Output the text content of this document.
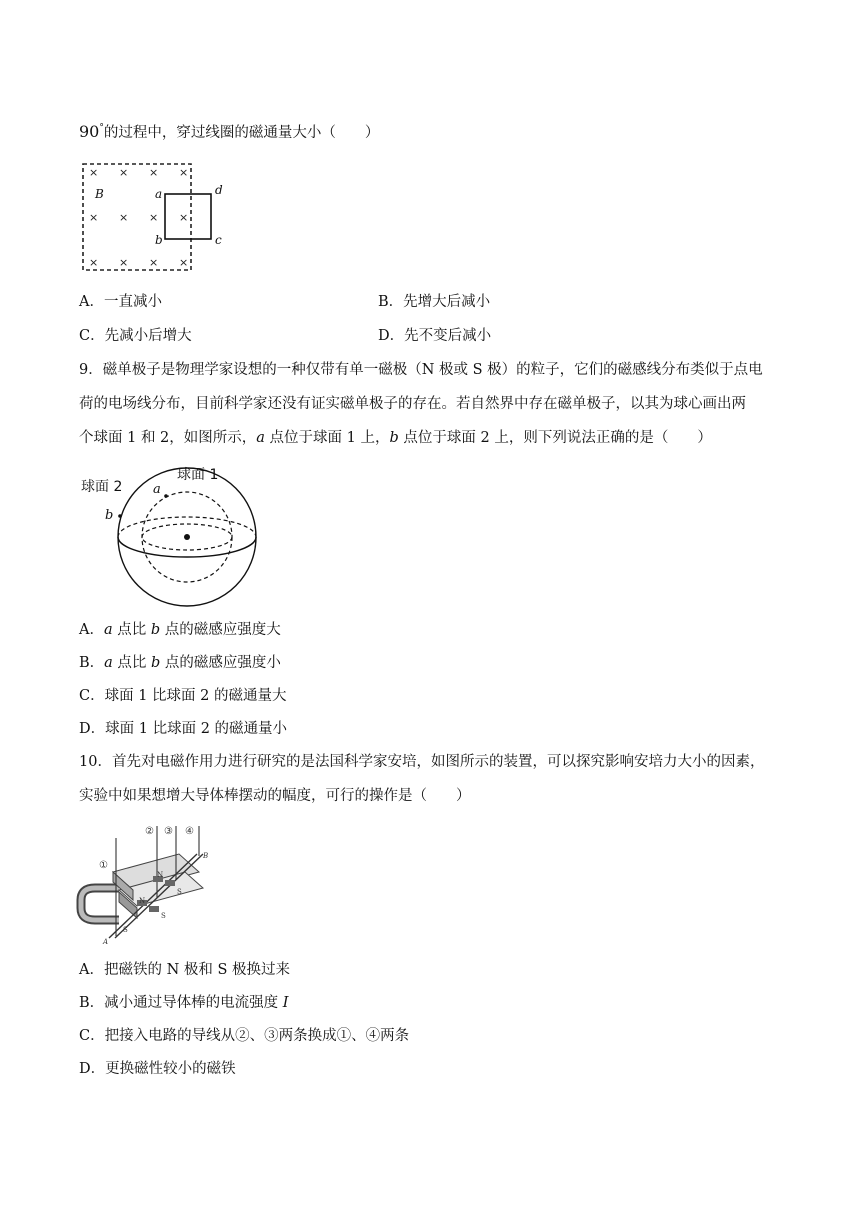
90°的过程中，穿过线圈的磁通量大小（　　）
× × × ×
× × × ×
× × × ×
B	a
b
d
c
A．一直减小	B．先增大后减小
C．先减小后增大	D．先不变后减小
9．磁单极子是物理学家设想的一种仅带有单一磁极（N 极或 S 极）的粒子，它们的磁感线分布类似于点电
荷的电场线分布，目前科学家还没有证实磁单极子的存在。若自然界中存在磁单极子，以其为球心画出两
个球面 1 和 2，如图所示，a 点位于球面 1 上，b 点位于球面 2 上，则下列说法正确的是（　　）
球面 2
球面 1
a
b
A．a 点比 b 点的磁感应强度大
B．a 点比 b 点的磁感应强度小
C．球面 1 比球面 2 的磁通量大
D．球面 1 比球面 2 的磁通量小
10．首先对电磁作用力进行研究的是法国科学家安培，如图所示的装置，可以探究影响安培力大小的因素，
实验中如果想增大导体棒摆动的幅度，可行的操作是（　　）
①
② ③ ④
A
B
N
S
N
S
S
A．把磁铁的 N 极和 S 极换过来
B．减小通过导体棒的电流强度 I
C．把接入电路的导线从②、③两条换成①、④两条
D．更换磁性较小的磁铁
